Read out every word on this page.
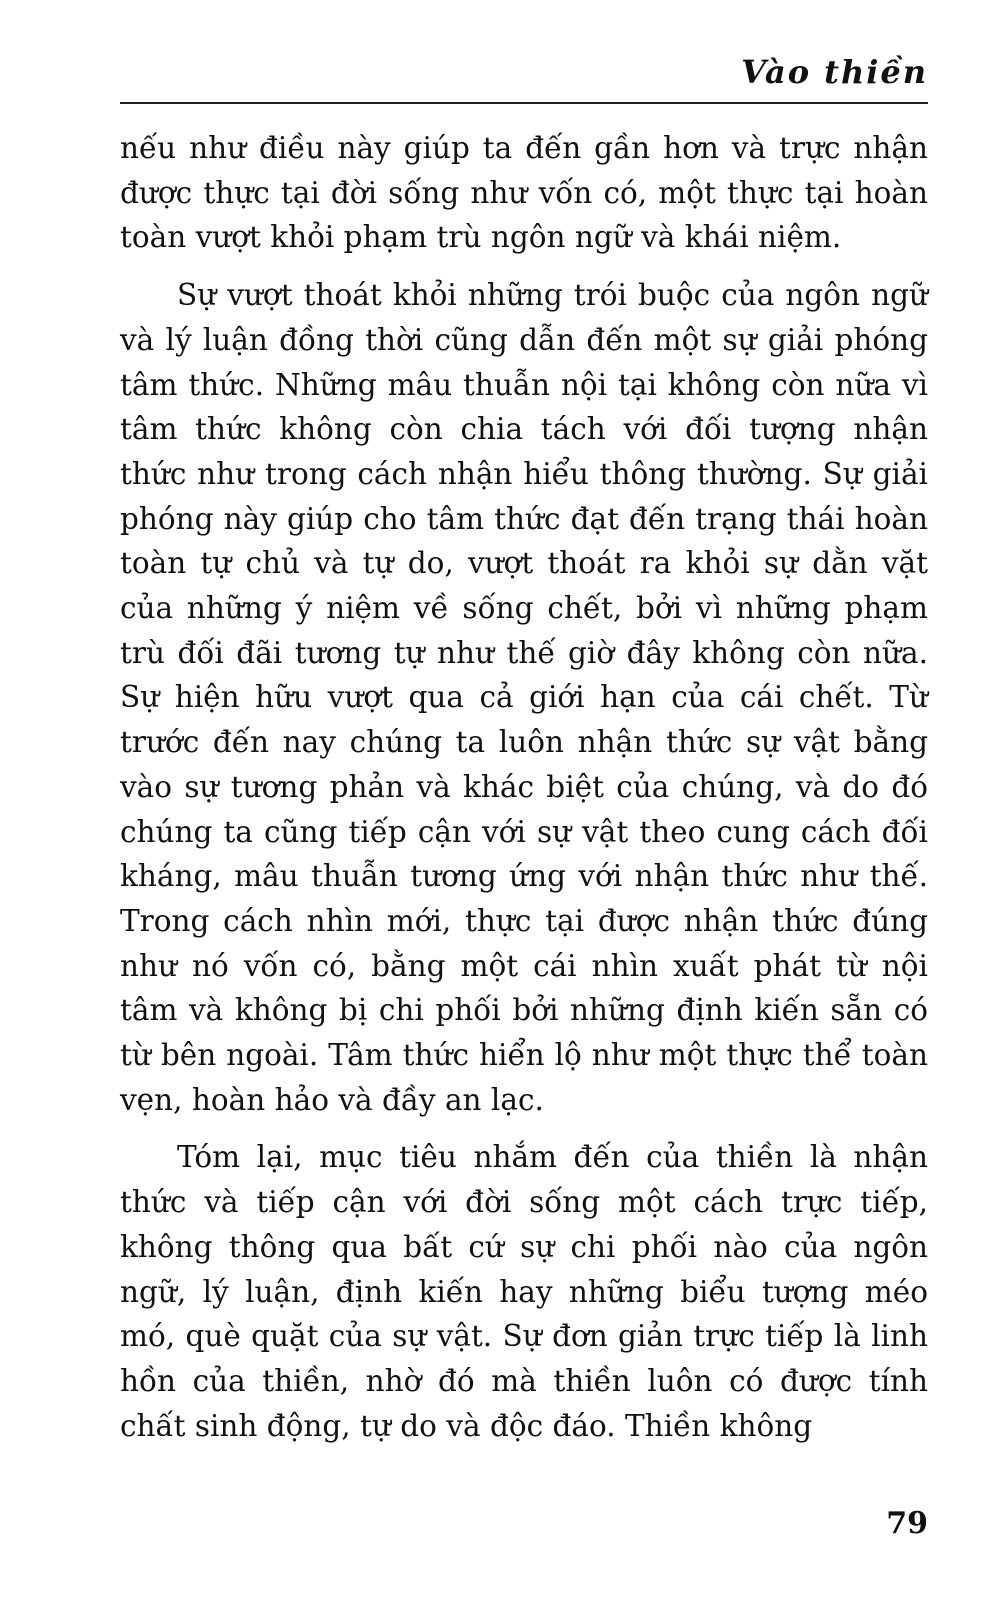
Vào thiền

nếu như điều này giúp ta đến gần hơn và trực nhận được thực tại đời sống như vốn có, một thực tại hoàn toàn vượt khỏi phạm trù ngôn ngữ và khái niệm.

Sự vượt thoát khỏi những trói buộc của ngôn ngữ và lý luận đồng thời cũng dẫn đến một sự giải phóng tâm thức. Những mâu thuẫn nội tại không còn nữa vì tâm thức không còn chia tách với đối tượng nhận thức như trong cách nhận hiểu thông thường. Sự giải phóng này giúp cho tâm thức đạt đến trạng thái hoàn toàn tự chủ và tự do, vượt thoát ra khỏi sự dằn vặt của những ý niệm về sống chết, bởi vì những phạm trù đối đãi tương tự như thế giờ đây không còn nữa. Sự hiện hữu vượt qua cả giới hạn của cái chết. Từ trước đến nay chúng ta luôn nhận thức sự vật bằng vào sự tương phản và khác biệt của chúng, và do đó chúng ta cũng tiếp cận với sự vật theo cung cách đối kháng, mâu thuẫn tương ứng với nhận thức như thế. Trong cách nhìn mới, thực tại được nhận thức đúng như nó vốn có, bằng một cái nhìn xuất phát từ nội tâm và không bị chi phối bởi những định kiến sẵn có từ bên ngoài. Tâm thức hiển lộ như một thực thể toàn vẹn, hoàn hảo và đầy an lạc.

Tóm lại, mục tiêu nhắm đến của thiền là nhận thức và tiếp cận với đời sống một cách trực tiếp, không thông qua bất cứ sự chi phối nào của ngôn ngữ, lý luận, định kiến hay những biểu tượng méo mó, què quặt của sự vật. Sự đơn giản trực tiếp là linh hồn của thiền, nhờ đó mà thiền luôn có được tính chất sinh động, tự do và độc đáo. Thiền không

79
